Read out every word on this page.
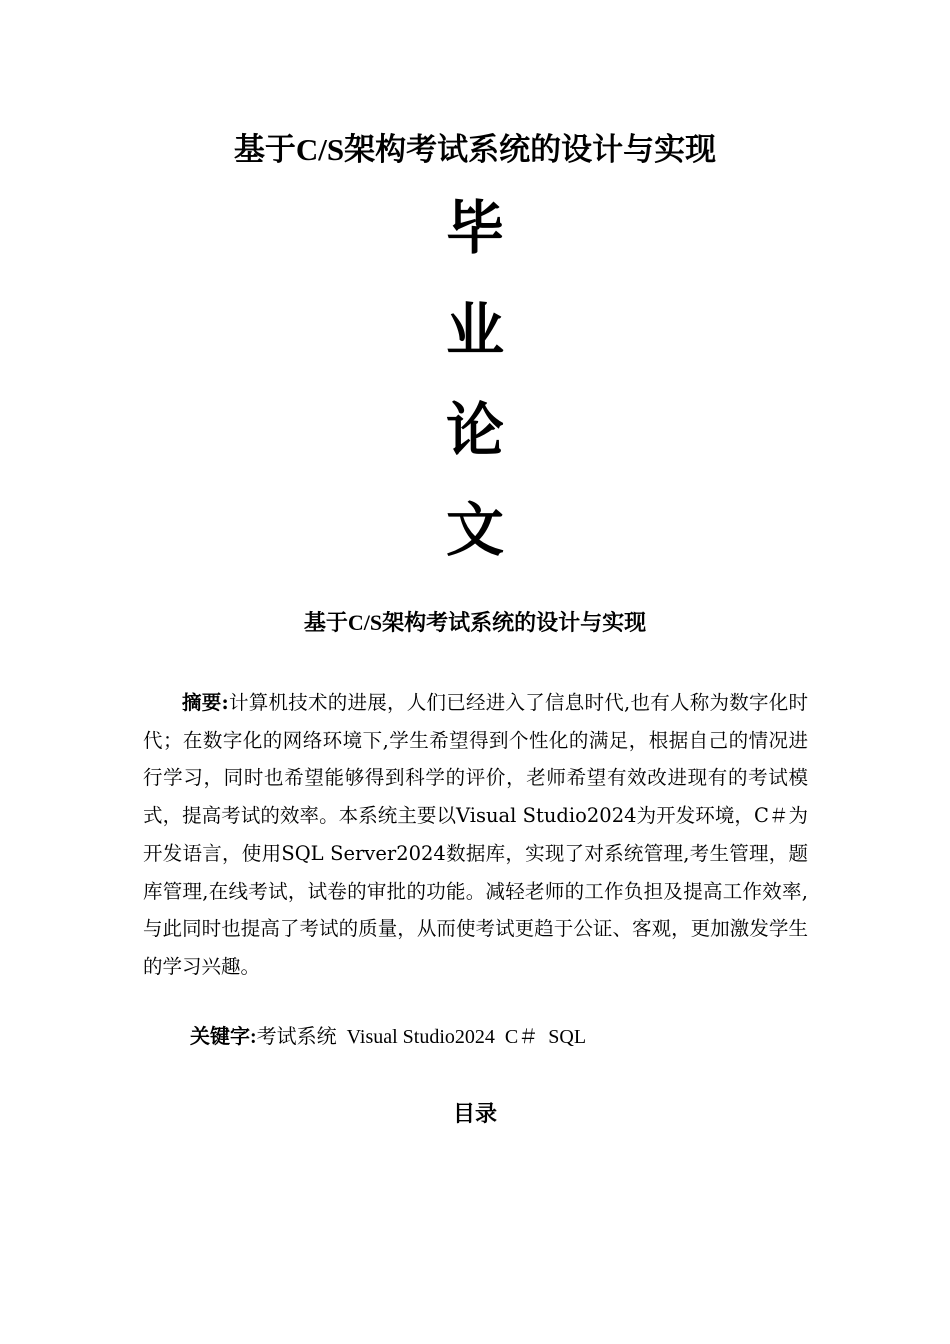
基于C/S架构考试系统的设计与实现
毕
业
论
文
基于C/S架构考试系统的设计与实现
摘要:计算机技术的进展，人们已经进入了信息时代,也有人称为数字化时代；在数字化的网络环境下,学生希望得到个性化的满足，根据自己的情况进行学习，同时也希望能够得到科学的评价，老师希望有效改进现有的考试模式，提高考试的效率。本系统主要以Visual Studio2024为开发环境，C＃为开发语言，使用SQL Server2024数据库，实现了对系统管理,考生管理，题库管理,在线考试，试卷的审批的功能。减轻老师的工作负担及提高工作效率,与此同时也提高了考试的质量，从而使考试更趋于公证、客观，更加激发学生的学习兴趣。
关键字:考试系统  Visual Studio2024  C＃  SQL
目录
